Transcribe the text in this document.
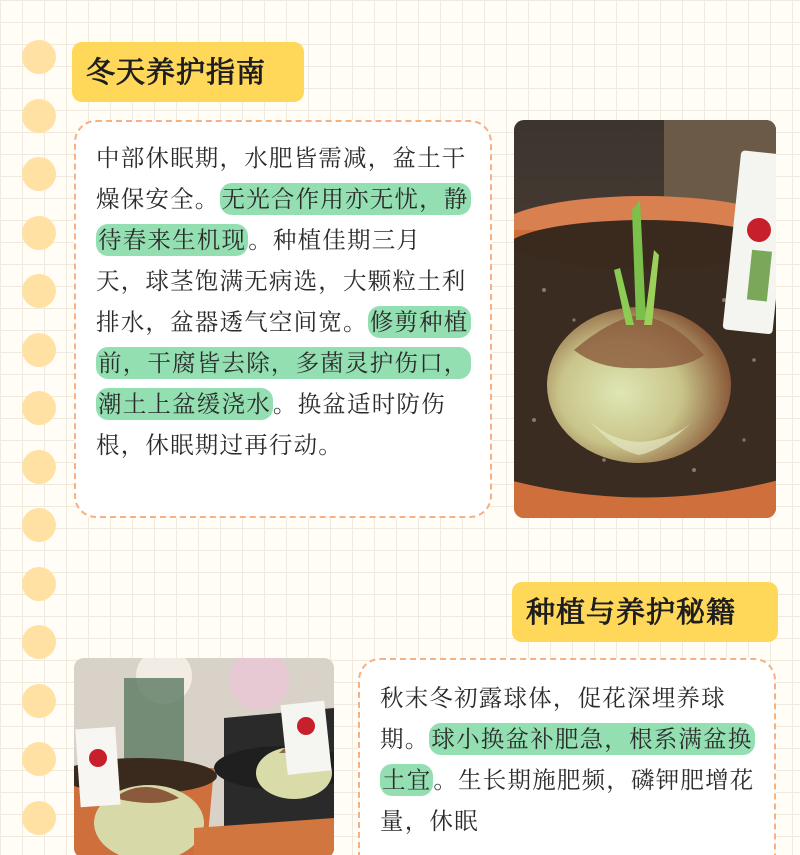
冬天养护指南
中部休眠期，水肥皆需减，盆土干燥保安全。无光合作用亦无忧，静待春来生机现。种植佳期三月天，球茎饱满无病选，大颗粒土利排水，盆器透气空间宽。修剪种植前，干腐皆去除，多菌灵护伤口，潮土上盆缓浇水。换盆适时防伤根，休眠期过再行动。
种植与养护秘籍
秋末冬初露球体，促花深埋养球期。球小换盆补肥急，根系满盆换土宜。生长期施肥频，磷钾肥增花量，休眠
